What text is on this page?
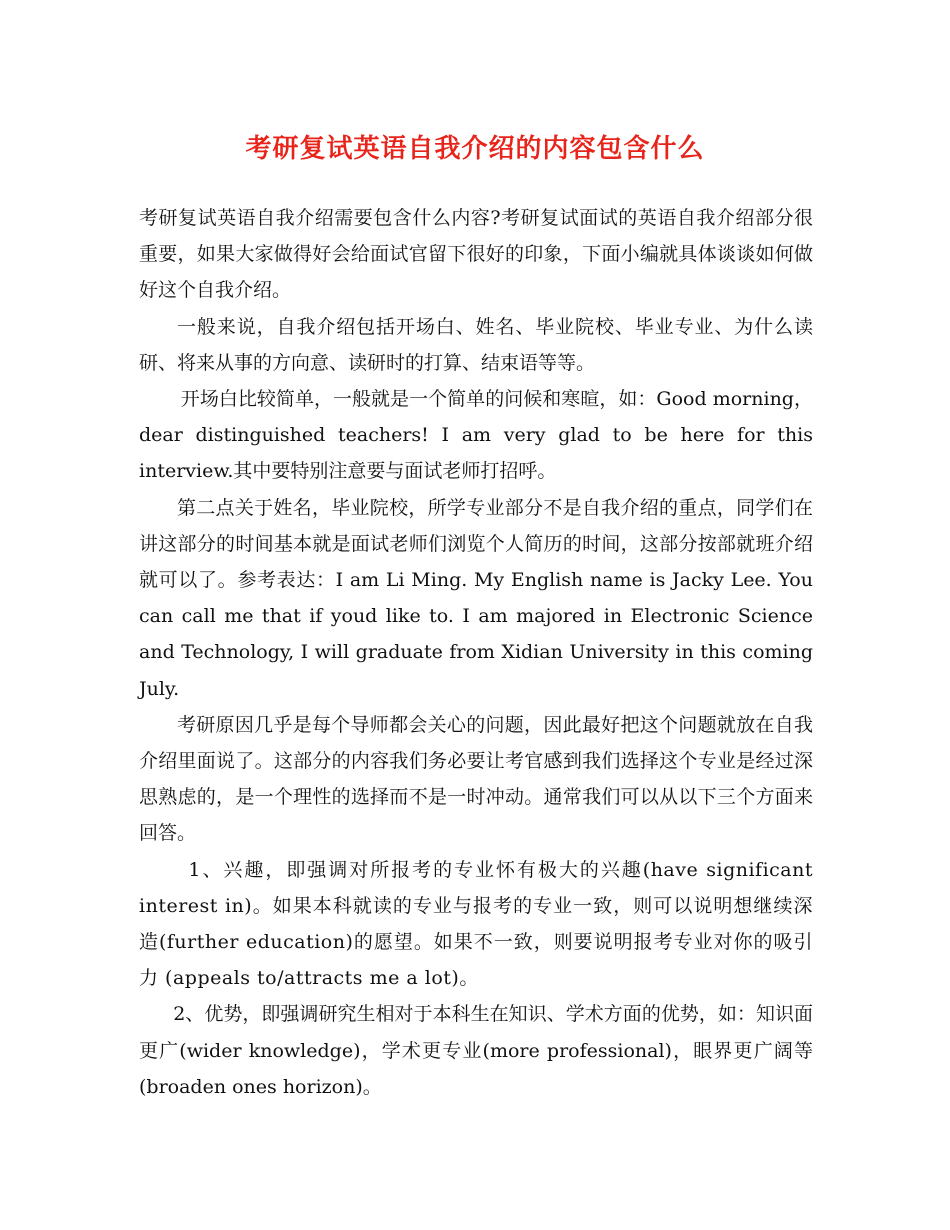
考研复试英语自我介绍的内容包含什么

考研复试英语自我介绍需要包含什么内容?考研复试面试的英语自我介绍部分很重要，如果大家做得好会给面试官留下很好的印象，下面小编就具体谈谈如何做好这个自我介绍。

一般来说，自我介绍包括开场白、姓名、毕业院校、毕业专业、为什么读研、将来从事的方向意、读研时的打算、结束语等等。

开场白比较简单，一般就是一个简单的问候和寒暄，如：Good morning，dear distinguished teachers! I am very glad to be here for this interview.其中要特别注意要与面试老师打招呼。

第二点关于姓名，毕业院校，所学专业部分不是自我介绍的重点，同学们在讲这部分的时间基本就是面试老师们浏览个人简历的时间，这部分按部就班介绍就可以了。参考表达：I am Li Ming. My English name is Jacky Lee. You can call me that if youd like to. I am majored in Electronic Science and Technology, I will graduate from Xidian University in this coming July.

考研原因几乎是每个导师都会关心的问题，因此最好把这个问题就放在自我介绍里面说了。这部分的内容我们务必要让考官感到我们选择这个专业是经过深思熟虑的，是一个理性的选择而不是一时冲动。通常我们可以从以下三个方面来回答。

1、兴趣，即强调对所报考的专业怀有极大的兴趣(have significant interest in)。如果本科就读的专业与报考的专业一致，则可以说明想继续深造(further education)的愿望。如果不一致，则要说明报考专业对你的吸引力 (appeals to/attracts me a lot)。

2、优势，即强调研究生相对于本科生在知识、学术方面的优势，如：知识面更广(wider knowledge)，学术更专业(more professional)，眼界更广阔等(broaden ones horizon)。
